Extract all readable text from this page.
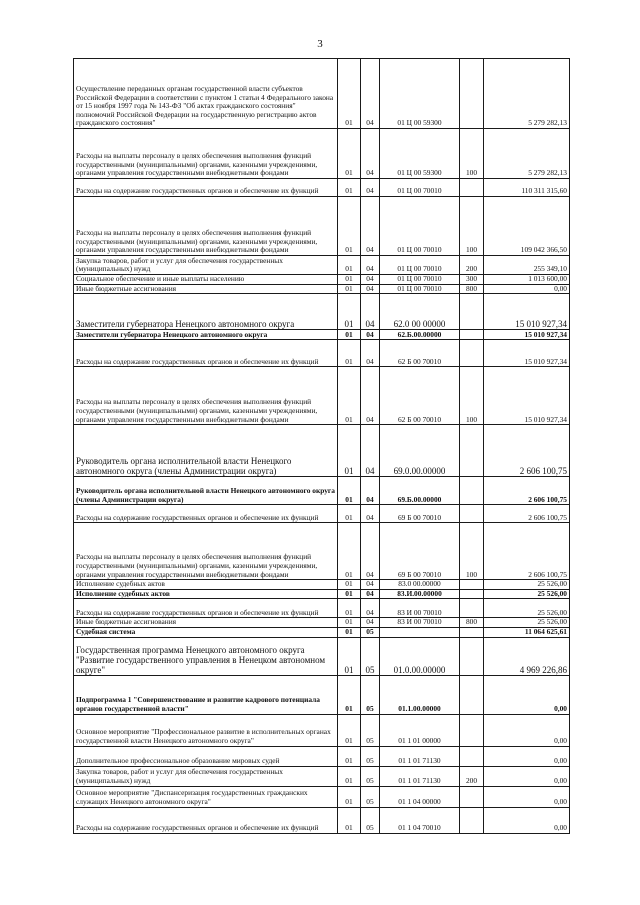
3
Осуществление переданных органам государственной власти субъектов Российской Федерации в соответствии с пунктом 1 статьи 4 Федерального закона от 15 ноября 1997 года № 143-ФЗ "Об актах гражданского состояния" полномочий Российской Федерации на государственную регистрацию актов гражданского состояния"	01	04	01 Ц 00 59300		5 279 282,13
Расходы на выплаты персоналу в целях обеспечения выполнения функций государственными (муниципальными) органами, казенными учреждениями, органами управления государственными внебюджетными фондами	01	04	01 Ц 00 59300	100	5 279 282,13
Расходы на содержание государственных органов и обеспечение их функций	01	04	01 Ц 00 70010		110 311 315,60
Расходы на выплаты персоналу в целях обеспечения выполнения функций государственными (муниципальными) органами, казенными учреждениями, органами управления государственными внебюджетными фондами	01	04	01 Ц 00 70010	100	109 042 366,50
Закупка товаров, работ и услуг для обеспечения государственных (муниципальных) нужд	01	04	01 Ц 00 70010	200	255 349,10
Социальное обеспечение и иные выплаты населению	01	04	01 Ц 00 70010	300	1 013 600,00
Иные бюджетные ассигнования	01	04	01 Ц 00 70010	800	0,00
Заместители губернатора Ненецкого автономного округа	01	04	62.0 00 00000		15 010 927,34
Заместители губернатора Ненецкого автономного округа	01	04	62.Б.00.00000		15 010 927,34
Расходы на содержание государственных органов и обеспечение их функций	01	04	62 Б 00 70010		15 010 927,34
Расходы на выплаты персоналу в целях обеспечения выполнения функций государственными (муниципальными) органами, казенными учреждениями, органами управления государственными внебюджетными фондами	01	04	62 Б 00 70010	100	15 010 927,34
Руководитель органа исполнительной власти Ненецкого автономного округа (члены Администрации округа)	01	04	69.0.00.00000		2 606 100,75
Руководитель органа исполнительной власти Ненецкого автономного округа (члены Администрации округа)	01	04	69.Б.00.00000		2 606 100,75
Расходы на содержание государственных органов и обеспечение их функций	01	04	69 Б 00 70010		2 606 100,75
Расходы на выплаты персоналу в целях обеспечения выполнения функций государственными (муниципальными) органами, казенными учреждениями, органами управления государственными внебюджетными фондами	01	04	69 Б 00 70010	100	2 606 100,75
Исполнение судебных актов	01	04	83.0 00.00000		25 526,00
Исполнение судебных актов	01	04	83.И.00.00000		25 526,00
Расходы на содержание государственных органов и обеспечение их функций	01	04	83 И 00 70010		25 526,00
Иные бюджетные ассигнования	01	04	83 И 00 70010	800	25 526,00
Судебная система	01	05			11 064 625,61
Государственная программа Ненецкого автономного округа "Развитие государственного управления в Ненецком автономном округе"	01	05	01.0.00.00000		4 969 226,86
Подпрограмма 1 "Совершенствование и развитие кадрового потенциала органов государственной власти"	01	05	01.1.00.00000		0,00
Основное мероприятие "Профессиональное развитие в исполнительных органах государственной власти Ненецкого автономного округа"	01	05	01 1 01 00000		0,00
Дополнительное профессиональное образование мировых судей	01	05	01 1 01 71130		0,00
Закупка товаров, работ и услуг для обеспечения государственных (муниципальных) нужд	01	05	01 1 01 71130	200	0,00
Основное мероприятие "Диспансеризация государственных гражданских служащих Ненецкого автономного округа"	01	05	01 1 04 00000		0,00
Расходы на содержание государственных органов и обеспечение их функций	01	05	01 1 04 70010		0,00
